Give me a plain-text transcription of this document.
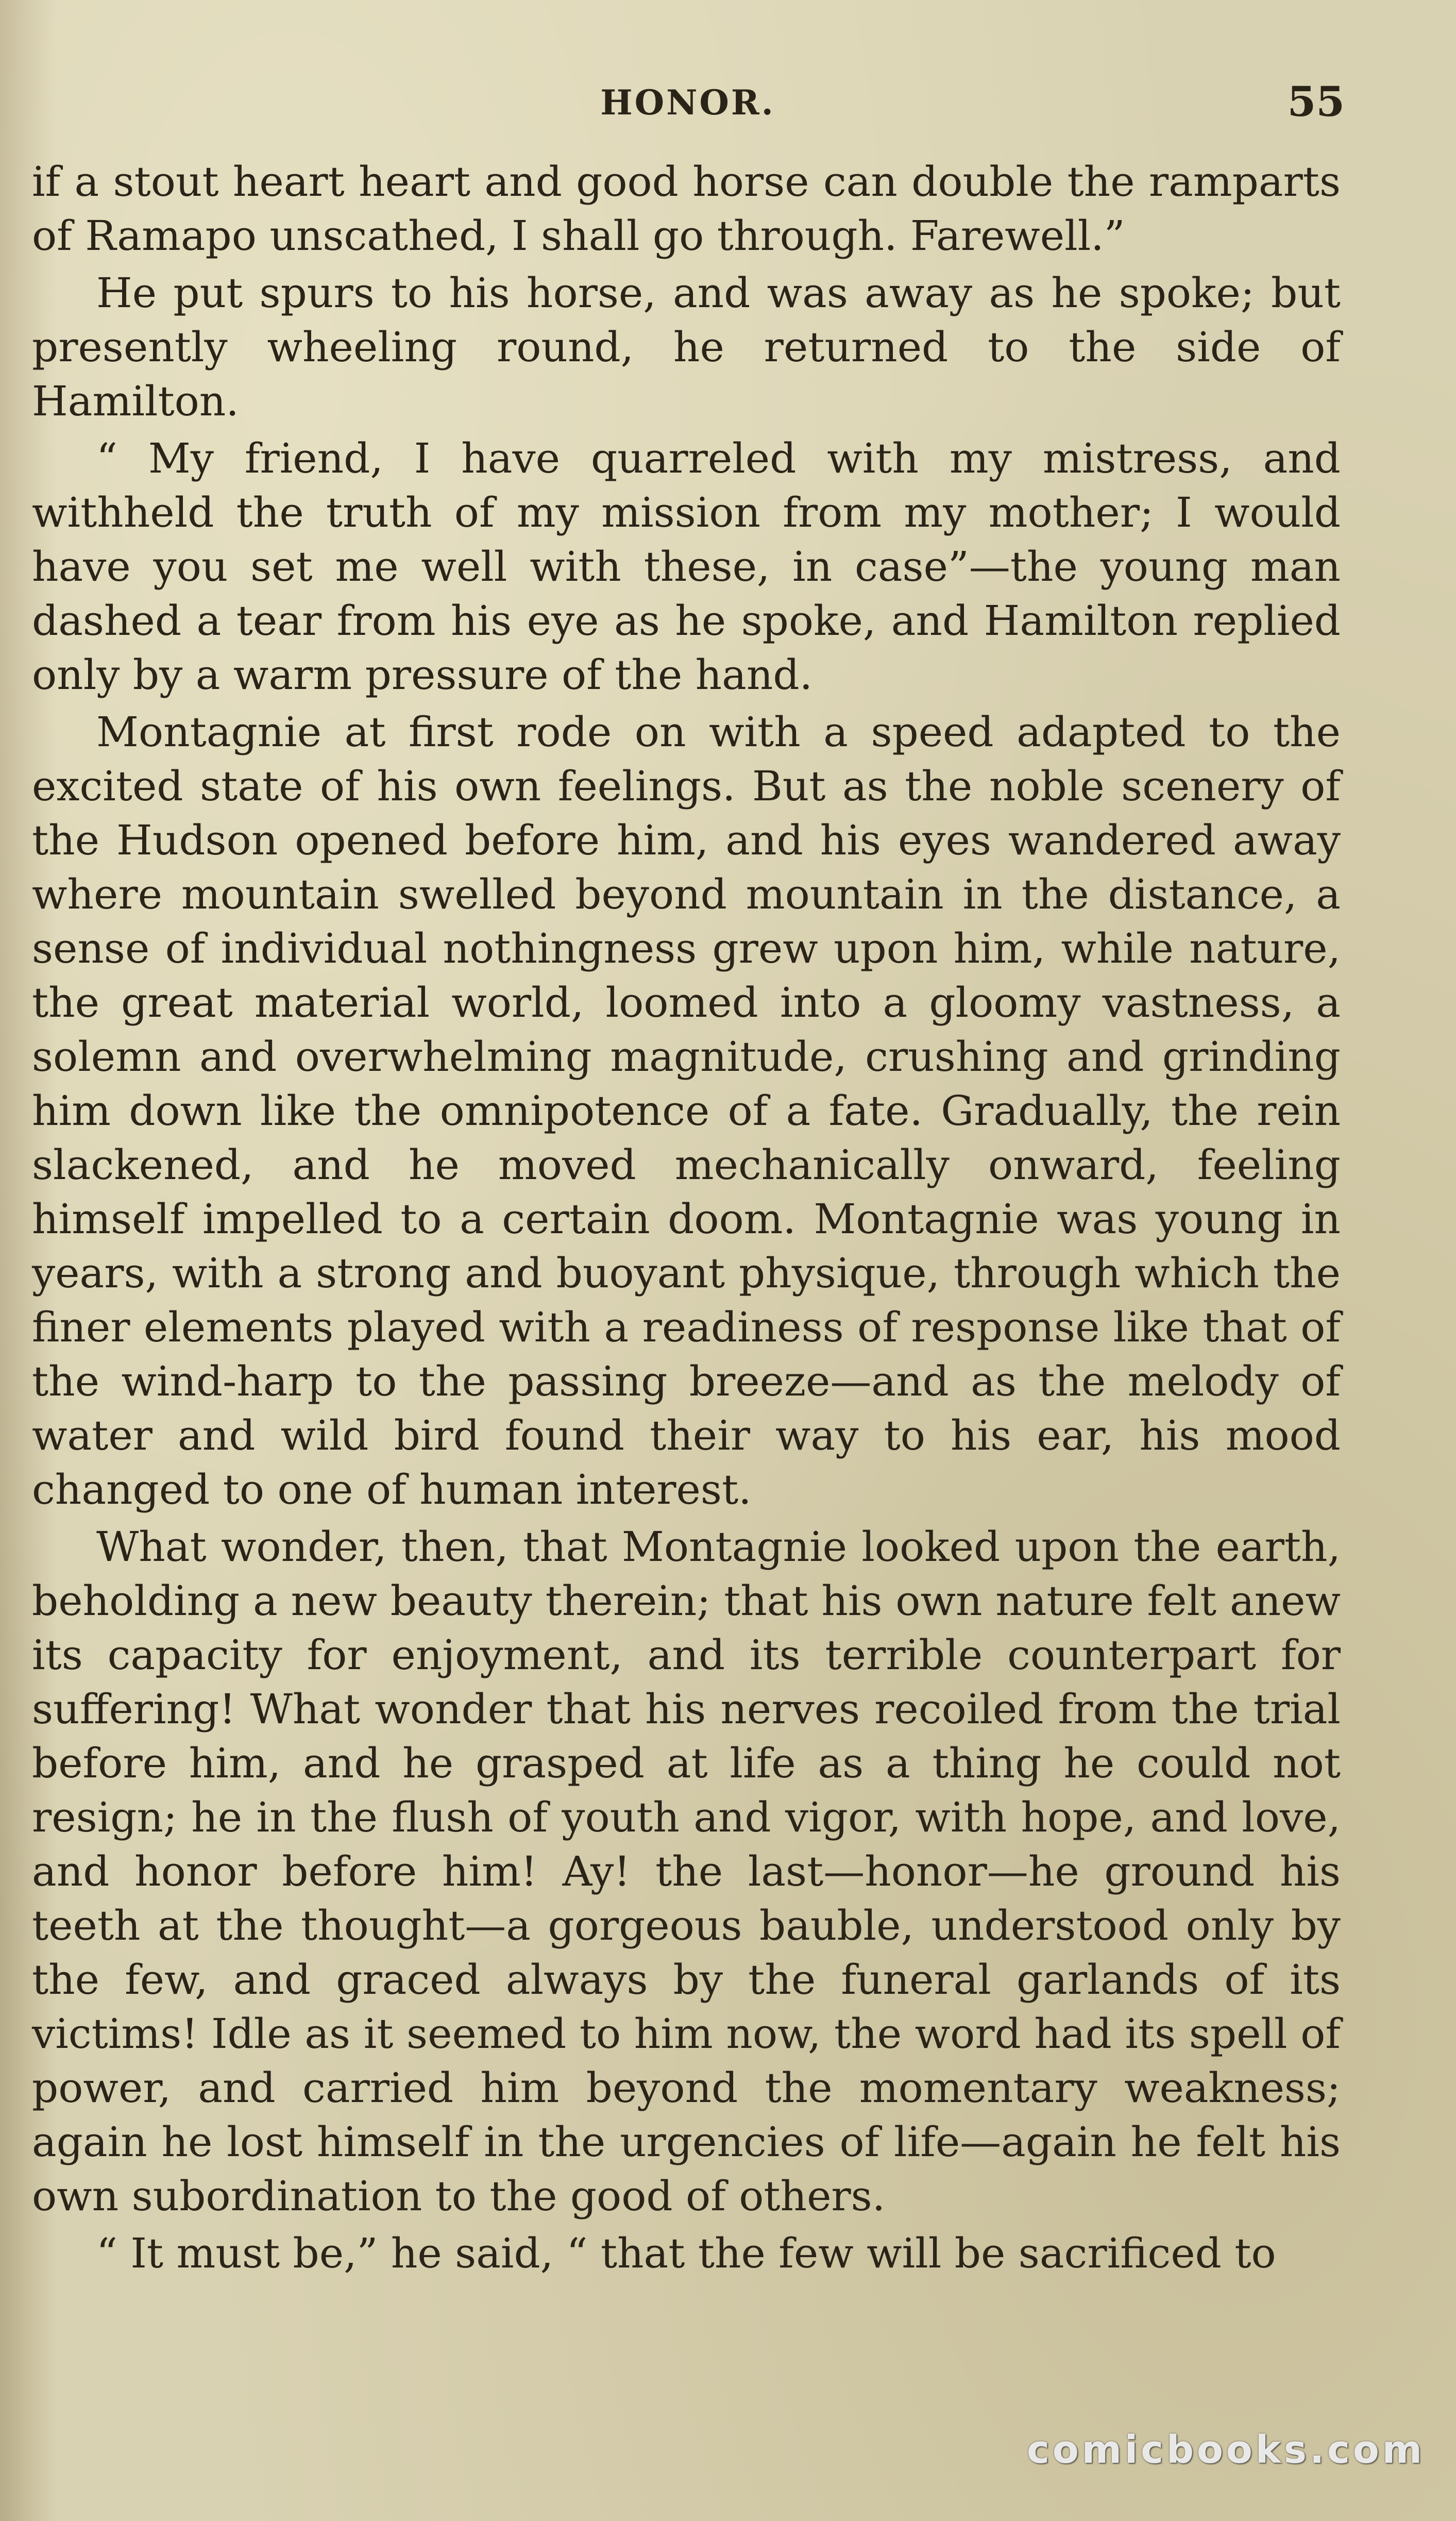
HONOR.	55

if a stout heart heart and good horse can double the ramparts of Ramapo unscathed, I shall go through. Farewell.”

He put spurs to his horse, and was away as he spoke; but presently wheeling round, he returned to the side of Hamilton.

“ My friend, I have quarreled with my mistress, and withheld the truth of my mission from my mother; I would have you set me well with these, in case”—the young man dashed a tear from his eye as he spoke, and Hamilton replied only by a warm pressure of the hand.

Montagnie at first rode on with a speed adapted to the excited state of his own feelings. But as the noble scenery of the Hudson opened before him, and his eyes wandered away where mountain swelled beyond mountain in the distance, a sense of individual nothingness grew upon him, while nature, the great material world, loomed into a gloomy vastness, a solemn and overwhelming magnitude, crushing and grinding him down like the omnipotence of a fate. Gradually, the rein slackened, and he moved mechanically onward, feeling himself impelled to a certain doom. Montagnie was young in years, with a strong and buoyant physique, through which the finer elements played with a readiness of response like that of the wind-harp to the passing breeze—and as the melody of water and wild bird found their way to his ear, his mood changed to one of human interest.

What wonder, then, that Montagnie looked upon the earth, beholding a new beauty therein; that his own nature felt anew its capacity for enjoyment, and its terrible counterpart for suffering! What wonder that his nerves recoiled from the trial before him, and he grasped at life as a thing he could not resign; he in the flush of youth and vigor, with hope, and love, and honor before him! Ay! the last—honor—he ground his teeth at the thought—a gorgeous bauble, understood only by the few, and graced always by the funeral garlands of its victims! Idle as it seemed to him now, the word had its spell of power, and carried him beyond the momentary weakness; again he lost himself in the urgencies of life—again he felt his own subordination to the good of others.

“ It must be,” he said, “ that the few will be sacrificed to

comicbooks.com
